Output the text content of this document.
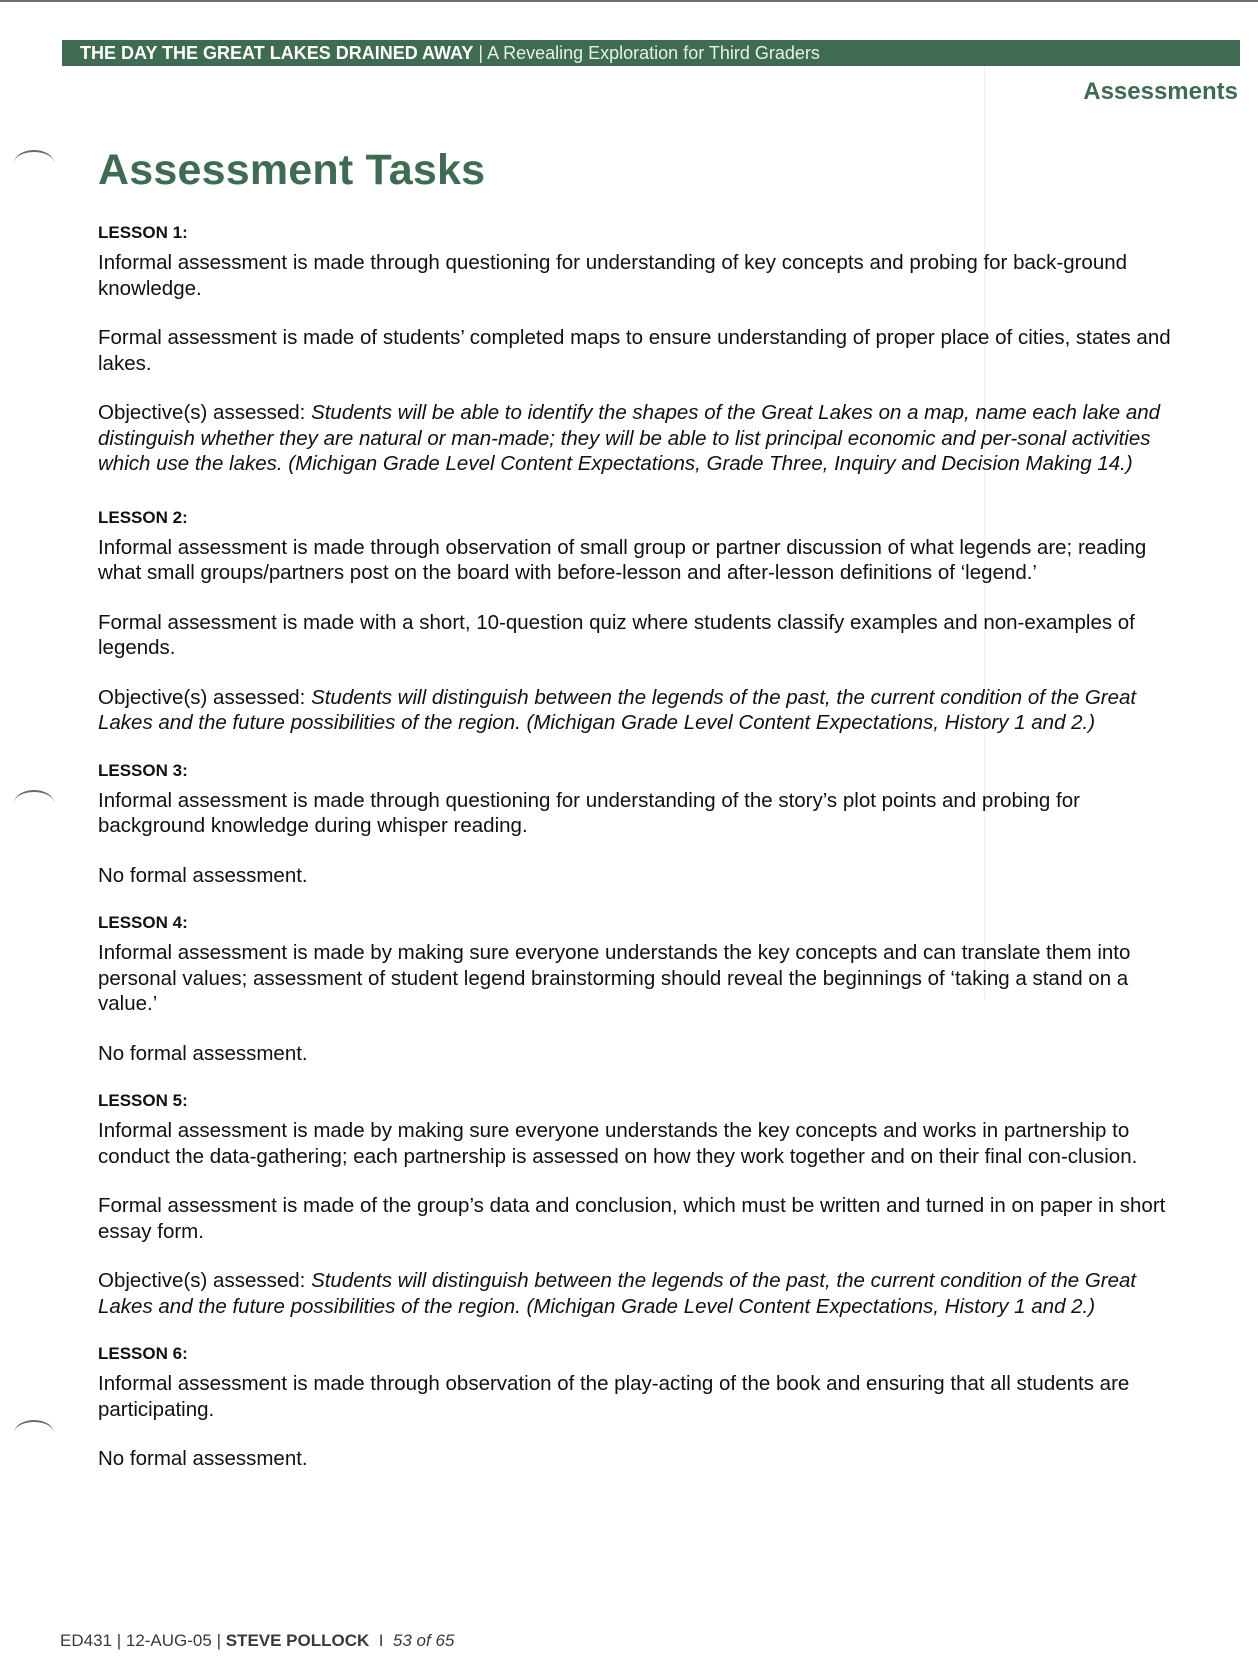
THE DAY THE GREAT LAKES DRAINED AWAY | A Revealing Exploration for Third Graders
Assessments
Assessment Tasks
LESSON 1:

Informal assessment is made through questioning for understanding of key concepts and probing for back-ground knowledge.

Formal assessment is made of students’ completed maps to ensure understanding of proper place of cities, states and lakes.

Objective(s) assessed: Students will be able to identify the shapes of the Great Lakes on a map, name each lake and distinguish whether they are natural or man-made; they will be able to list principal economic and per-sonal activities which use the lakes. (Michigan Grade Level Content Expectations, Grade Three, Inquiry and Decision Making 14.)

LESSON 2:

Informal assessment is made through observation of small group or partner discussion of what legends are; reading what small groups/partners post on the board with before-lesson and after-lesson definitions of ‘legend.’

Formal assessment is made with a short, 10-question quiz where students classify examples and non-examples of legends.

Objective(s) assessed: Students will distinguish between the legends of the past, the current condition of the Great Lakes and the future possibilities of the region. (Michigan Grade Level Content Expectations, History 1 and 2.)

LESSON 3:

Informal assessment is made through questioning for understanding of the story’s plot points and probing for background knowledge during whisper reading.

No formal assessment.

LESSON 4:

Informal assessment is made by making sure everyone understands the key concepts and can translate them into personal values; assessment of student legend brainstorming should reveal the beginnings of ‘taking a stand on a value.’

No formal assessment.

LESSON 5:

Informal assessment is made by making sure everyone understands the key concepts and works in partnership to conduct the data-gathering; each partnership is assessed on how they work together and on their final con-clusion.

Formal assessment is made of the group’s data and conclusion, which must be written and turned in on paper in short essay form.

Objective(s) assessed: Students will distinguish between the legends of the past, the current condition of the Great Lakes and the future possibilities of the region. (Michigan Grade Level Content Expectations, History 1 and 2.)

LESSON 6:

Informal assessment is made through observation of the play-acting of the book and ensuring that all students are participating.

No formal assessment.

ED431 | 12-AUG-05 | STEVE POLLOCK  I  53 of 65
